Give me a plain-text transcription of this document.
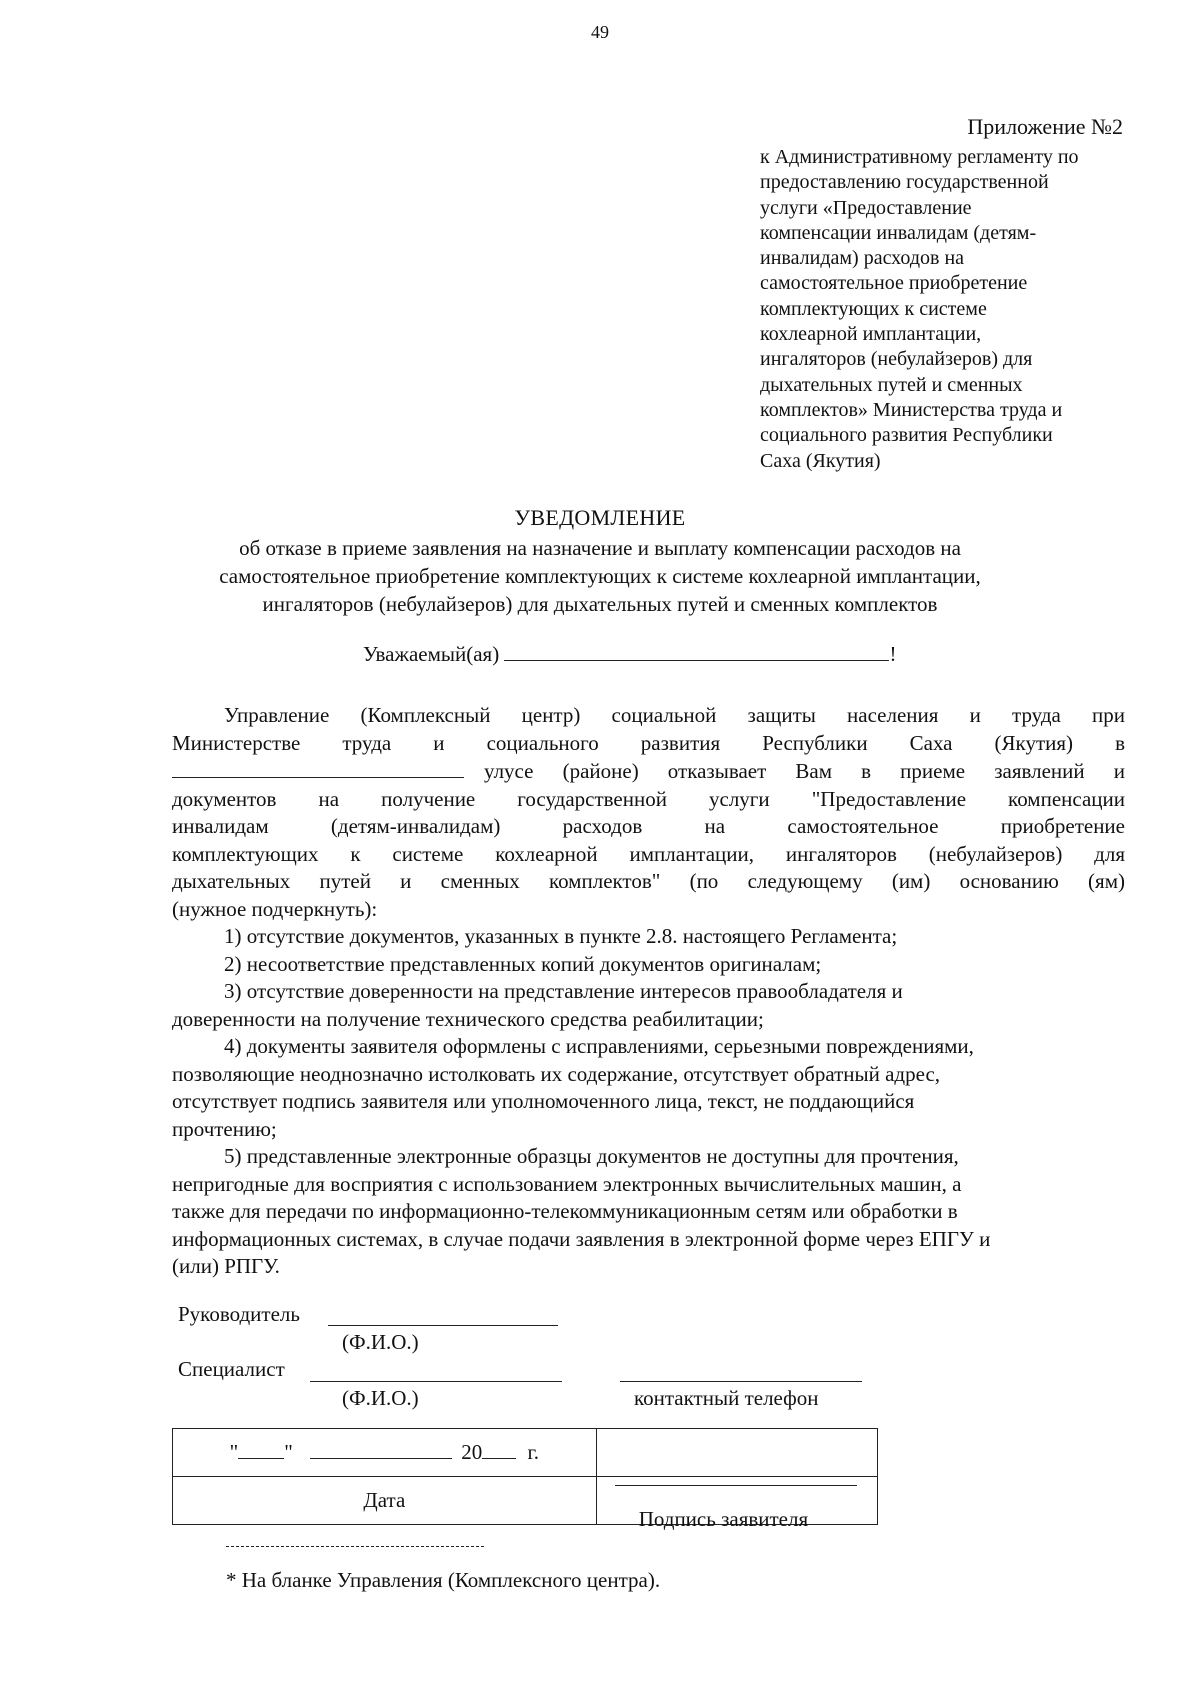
49
Приложение №2
к Административному регламенту по
предоставлению государственной
услуги «Предоставление
компенсации инвалидам (детям-
инвалидам) расходов на
самостоятельное приобретение
комплектующих к системе
кохлеарной имплантации,
ингаляторов (небулайзеров) для
дыхательных путей и сменных
комплектов» Министерства труда и
социального развития Республики
Саха (Якутия)
УВЕДОМЛЕНИЕ
об отказе в приеме заявления на назначение и выплату компенсации расходов на
самостоятельное приобретение комплектующих к системе кохлеарной имплантации,
ингаляторов (небулайзеров) для дыхательных путей и сменных комплектов
Уважаемый(ая)	!
Управление (Комплексный центр) социальной защиты населения и труда при
Министерстве труда и социального развития Республики Саха (Якутия) в
улусе (районе) отказывает Вам в приеме заявлений и
документов на получение государственной услуги "Предоставление компенсации
инвалидам (детям-инвалидам) расходов на самостоятельное приобретение
комплектующих к системе кохлеарной имплантации, ингаляторов (небулайзеров) для
дыхательных путей и сменных комплектов" (по следующему (им) основанию (ям)
(нужное подчеркнуть):
1) отсутствие документов, указанных в пункте 2.8. настоящего Регламента;
2) несоответствие представленных копий документов оригиналам;
3) отсутствие доверенности на представление интересов правообладателя и
доверенности на получение технического средства реабилитации;
4) документы заявителя оформлены с исправлениями, серьезными повреждениями,
позволяющие неоднозначно истолковать их содержание, отсутствует обратный адрес,
отсутствует подпись заявителя или уполномоченного лица, текст, не поддающийся
прочтению;
5) представленные электронные образцы документов не доступны для прочтения,
непригодные для восприятия с использованием электронных вычислительных машин, а
также для передачи по информационно-телекоммуникационным сетям или обработки в
информационных системах, в случае подачи заявления в электронной форме через ЕПГУ и
(или) РПГУ.
Руководитель
(Ф.И.О.)
Специалист
(Ф.И.О.)	контактный телефон
" " 20 г.	

Дата	Подпись заявителя
* На бланке Управления (Комплексного центра).
